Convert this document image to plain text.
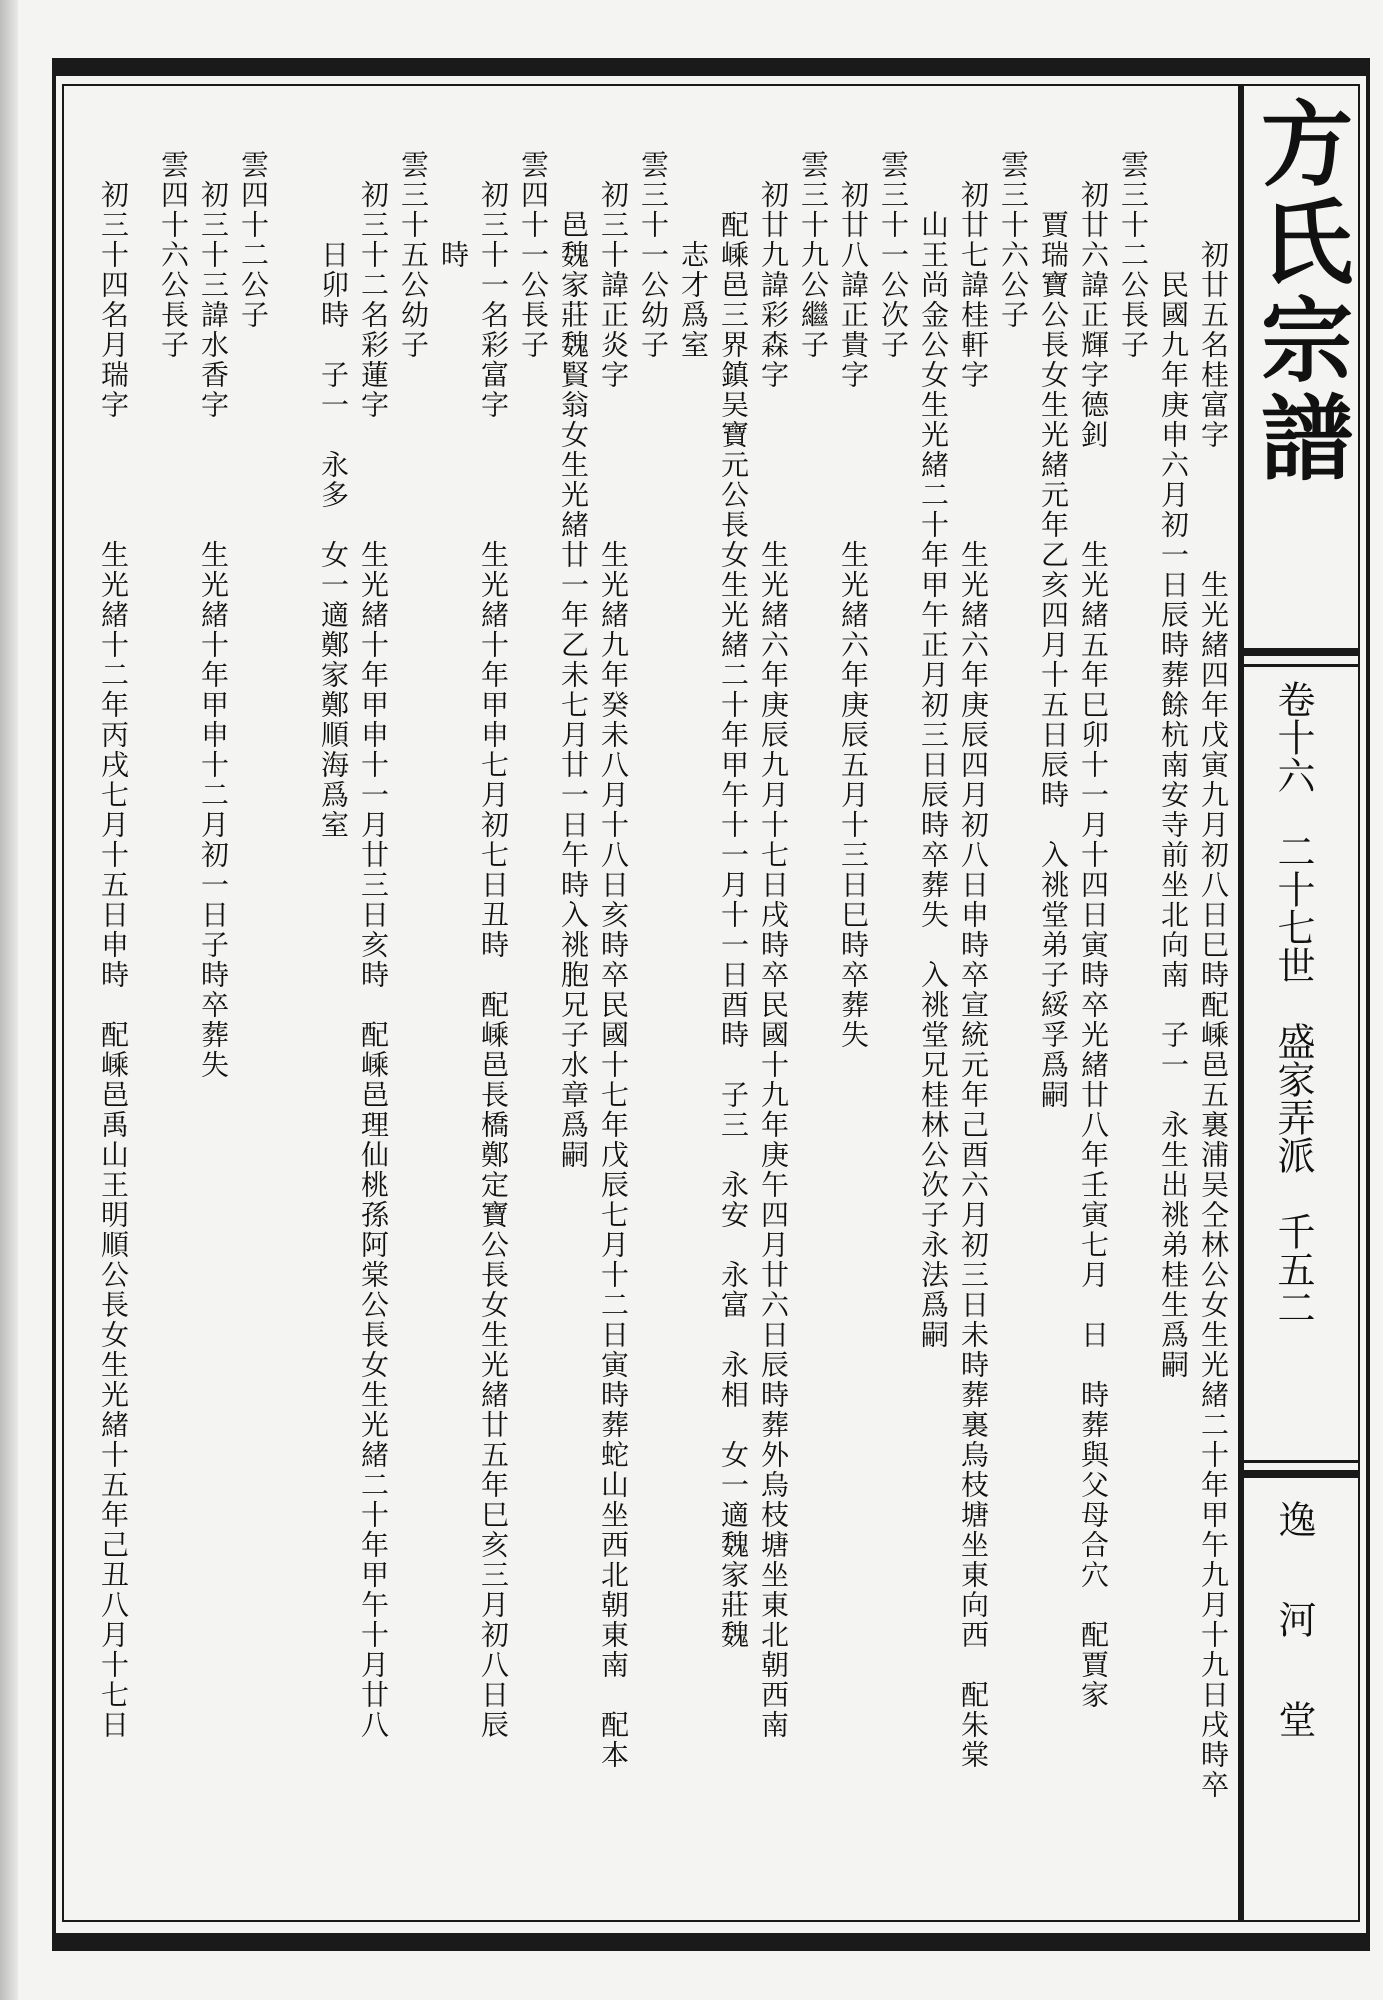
方氏宗譜
卷十六　二十七世　盛家弄派　千五二
逸河堂
　　初廿五名桂富字　　　　生光緒四年戊寅九月初八日巳時配嵊邑五裏浦吴仝林公女生光緒二十年甲午九月十九日戌時卒
　　　民國九年庚申六月初一日辰時葬餘杭南安寺前坐北向南　子一　永生出祧弟桂生爲嗣
雲三十二公長子
初廿六諱正輝字德釗　　　生光緒五年巳卯十一月十四日寅時卒光緒廿八年壬寅七月　日　時葬與父母合穴　配賈家
　賈瑞寶公長女生光緒元年乙亥四月十五日辰時　入祧堂弟子綏孚爲嗣
雲三十六公子
初廿七諱桂軒字　　　　　生光緒六年庚辰四月初八日申時卒宣統元年己酉六月初三日未時葬裏烏枝塘坐東向西　配朱棠
　山王尚金公女生光緒二十年甲午正月初三日辰時卒葬失　入祧堂兄桂林公次子永法爲嗣
雲三十一公次子
初廿八諱正貴字　　　　　生光緒六年庚辰五月十三日巳時卒葬失
雲三十九公繼子
初廿九諱彩森字　　　　　生光緒六年庚辰九月十七日戌時卒民國十九年庚午四月廿六日辰時葬外烏枝塘坐東北朝西南
　配嵊邑三界鎮吴寶元公長女生光緒二十年甲午十一月十一日酉時　子三　永安　永富　永相　女一適魏家莊魏
　　志才爲室
雲三十一公幼子
初三十諱正炎字　　　　　生光緒九年癸未八月十八日亥時卒民國十七年戊辰七月十二日寅時葬蛇山坐西北朝東南　配本
　邑魏家莊魏賢翁女生光緒廿一年乙未七月廿一日午時入祧胞兄子水章爲嗣
雲四十一公長子
初三十一名彩富字　　　　生光緒十年甲申七月初七日丑時　配嵊邑長橋鄭定寶公長女生光緒廿五年巳亥三月初八日辰
　　時
雲三十五公幼子
初三十二名彩蓮字　　　　生光緒十年甲申十一月廿三日亥時　配嵊邑理仙桃孫阿棠公長女生光緒二十年甲午十月廿八
　　日卯時　子一　永多　女一適鄭家鄭順海爲室
雲四十二公子
初三十三諱水香字　　　　生光緒十年甲申十二月初一日子時卒葬失
雲四十六公長子
初三十四名月瑞字　　　　生光緒十二年丙戌七月十五日申時　配嵊邑禹山王明順公長女生光緒十五年己丑八月十七日
